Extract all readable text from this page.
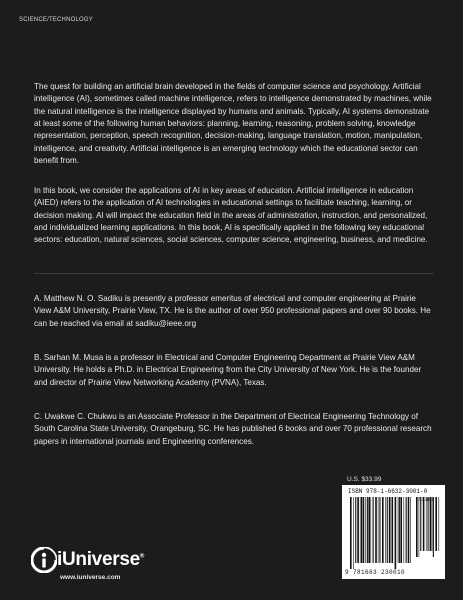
SCIENCE/TECHNOLOGY

The quest for building an artificial brain developed in the fields of computer science and psychology. Artificial intelligence (AI), sometimes called machine intelligence, refers to intelligence demonstrated by machines, while the natural intelligence is the intelligence displayed by humans and animals. Typically, AI systems demonstrate at least some of the following human behaviors: planning, learning, reasoning, problem solving, knowledge representation, perception, speech recognition, decision-making, language translation, motion, manipulation, intelligence, and creativity. Artificial intelligence is an emerging technology which the educational sector can benefit from.

In this book, we consider the applications of AI in key areas of education. Artificial intelligence in education (AIED) refers to the application of AI technologies in educational settings to facilitate teaching, learning, or decision making. AI will impact the education field in the areas of administration, instruction, and personalized, and individualized learning applications. In this book, AI is specifically applied in the following key educational sectors: education, natural sciences, social sciences, computer science, engineering, business, and medicine.

A. Matthew N. O. Sadiku is presently a professor emeritus of electrical and computer engineering at Prairie View A&M University, Prairie View, TX. He is the author of over 950 professional papers and over 90 books. He can be reached via email at sadiku@ieee.org

B. Sarhan M. Musa is a professor in Electrical and Computer Engineering Department at Prairie View A&M University. He holds a Ph.D. in Electrical Engineering from the City University of New York. He is the founder and director of Prairie View Networking Academy (PVNA), Texas.

C. Uwakwe C. Chukwu is an Associate Professor in the Department of Electrical Engineering Technology of South Carolina State University, Orangeburg, SC. He has published 6 books and over 70 professional research papers in international journals and Engineering conferences.

U.S. $33.99
ISBN 978-1-6632-3001-0
53399
9 781663 230010
iUniverse®
www.iuniverse.com
